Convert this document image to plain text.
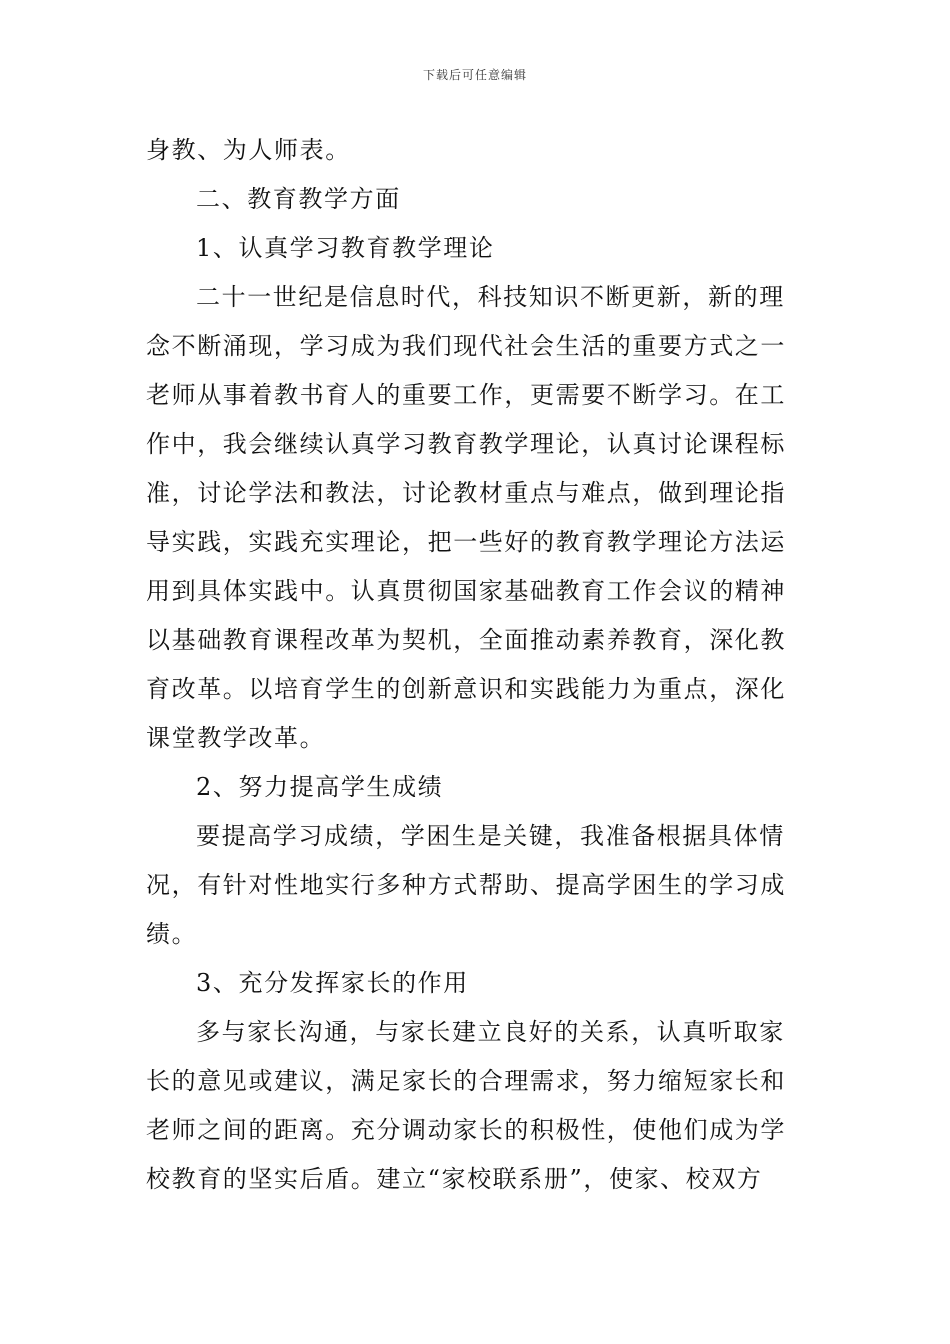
下载后可任意编辑
身教、为人师表。
二、教育教学方面
1、认真学习教育教学理论
二十一世纪是信息时代，科技知识不断更新，新的理
念不断涌现，学习成为我们现代社会生活的重要方式之一
老师从事着教书育人的重要工作，更需要不断学习。在工
作中，我会继续认真学习教育教学理论，认真讨论课程标
准，讨论学法和教法，讨论教材重点与难点，做到理论指
导实践，实践充实理论，把一些好的教育教学理论方法运
用到具体实践中。认真贯彻国家基础教育工作会议的精神
以基础教育课程改革为契机，全面推动素养教育，深化教
育改革。以培育学生的创新意识和实践能力为重点，深化
课堂教学改革。
2、努力提高学生成绩
要提高学习成绩，学困生是关键，我准备根据具体情
况，有针对性地实行多种方式帮助、提高学困生的学习成
绩。
3、充分发挥家长的作用
多与家长沟通，与家长建立良好的关系，认真听取家
长的意见或建议，满足家长的合理需求，努力缩短家长和
老师之间的距离。充分调动家长的积极性，使他们成为学
校教育的坚实后盾。建立“家校联系册”，使家、校双方
